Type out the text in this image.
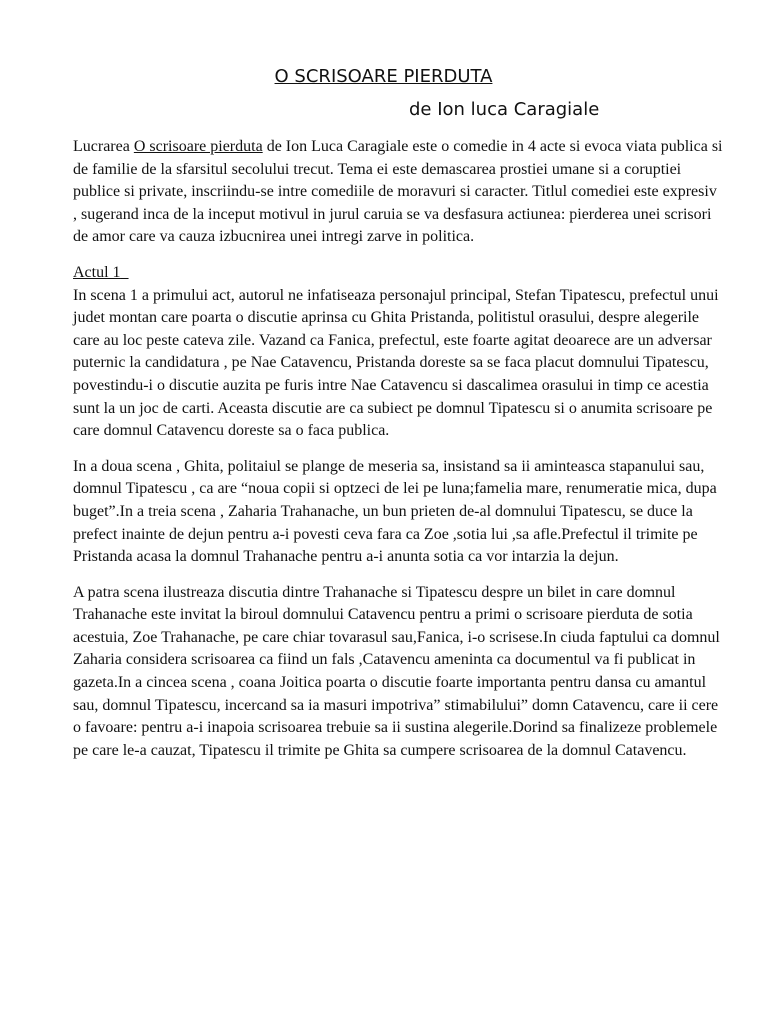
O SCRISOARE PIERDUTA
de Ion luca Caragiale

Lucrarea O scrisoare pierduta de Ion Luca Caragiale este o comedie in 4 acte si evoca viata publica si de familie de la sfarsitul secolului trecut. Tema ei este demascarea prostiei umane si a coruptiei publice si private, inscriindu-se intre comediile de moravuri si caracter. Titlul comediei este expresiv , sugerand inca de la inceput motivul in jurul caruia se va desfasura actiunea: pierderea unei scrisori de amor care va cauza izbucnirea unei intregi zarve in politica.

Actul 1
In scena 1 a primului act, autorul ne infatiseaza personajul principal, Stefan Tipatescu, prefectul unui judet montan care poarta o discutie aprinsa cu Ghita Pristanda, politistul orasului, despre alegerile care au loc peste cateva zile. Vazand ca Fanica, prefectul, este foarte agitat deoarece are un adversar puternic la candidatura , pe Nae Catavencu, Pristanda doreste sa se faca placut domnului Tipatescu, povestindu-i o discutie auzita pe furis intre Nae Catavencu si dascalimea orasului in timp ce acestia sunt la un joc de carti. Aceasta discutie are ca subiect pe domnul Tipatescu si o anumita scrisoare pe care domnul Catavencu doreste sa o faca publica.

In a doua scena , Ghita, politaiul se plange de meseria sa, insistand sa ii aminteasca stapanului sau, domnul Tipatescu , ca are “noua copii si optzeci de lei pe luna;famelia mare, renumeratie mica, dupa buget”.In a treia scena , Zaharia Trahanache, un bun prieten de-al domnului Tipatescu, se duce la prefect inainte de dejun pentru a-i povesti ceva fara ca Zoe ,sotia lui ,sa afle.Prefectul il trimite pe Pristanda acasa la domnul Trahanache pentru a-i anunta sotia ca vor intarzia la dejun.

A patra scena ilustreaza discutia dintre Trahanache si Tipatescu despre un bilet in care domnul Trahanache este invitat la biroul domnului Catavencu pentru a primi o scrisoare pierduta de sotia acestuia, Zoe Trahanache, pe care chiar tovarasul sau,Fanica, i-o scrisese.In ciuda faptului ca domnul Zaharia considera scrisoarea ca fiind un fals ,Catavencu ameninta ca documentul va fi publicat in gazeta.In a cincea scena , coana Joitica poarta o discutie foarte importanta pentru dansa cu amantul sau, domnul Tipatescu, incercand sa ia masuri impotriva” stimabilului” domn Catavencu, care ii cere o favoare: pentru a-i inapoia scrisoarea trebuie sa ii sustina alegerile.Dorind sa finalizeze problemele pe care le-a cauzat, Tipatescu il trimite pe Ghita sa cumpere scrisoarea de la domnul Catavencu.
